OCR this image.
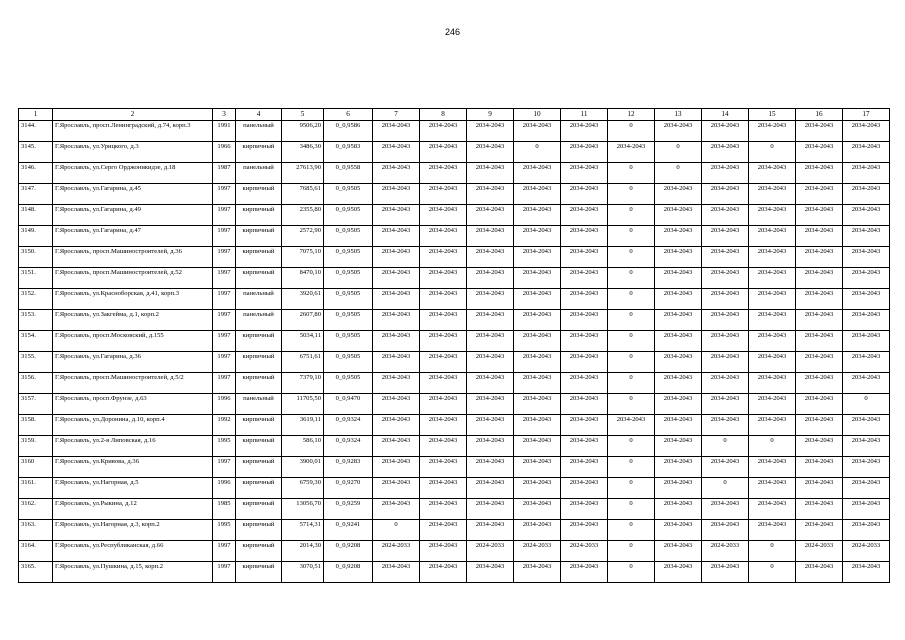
246
1	2	3	4	5	6	7	8	9	10	11	12	13	14	15	16	17
3144.	Г.Ярославль, просп.Ленинградский, д.74, корп.3	1991	панельный	9506,20	0_0,9586	2034-2043	2034-2043	2034-2043	2034-2043	2034-2043	0	2034-2043	2034-2043	2034-2043	2034-2043	2034-2043
3145.	Г.Ярославль, ул.Урицкого, д.3	1966	кирпичный	3486,30	0_0,9583	2034-2043	2034-2043	2034-2043	0	2034-2043	2034-2043	0	2034-2043	0	2034-2043	2034-2043
3146.	Г.Ярославль, ул.Серго Орджоникидзе, д.18	1987	панельный	27613,90	0_0,9558	2034-2043	2034-2043	2034-2043	2034-2043	2034-2043	0	0	2034-2043	2034-2043	2034-2043	2034-2043
3147.	Г.Ярославль, ул.Гагарина, д.45	1997	кирпичный	7685,61	0_0,9505	2034-2043	2034-2043	2034-2043	2034-2043	2034-2043	0	2034-2043	2034-2043	2034-2043	2034-2043	2034-2043
3148.	Г.Ярославль, ул.Гагарина, д.49	1997	кирпичный	2355,80	0_0,9505	2034-2043	2034-2043	2034-2043	2034-2043	2034-2043	0	2034-2043	2034-2043	2034-2043	2034-2043	2034-2043
3149.	Г.Ярославль, ул.Гагарина, д.47	1997	кирпичный	2572,90	0_0,9505	2034-2043	2034-2043	2034-2043	2034-2043	2034-2043	0	2034-2043	2034-2043	2034-2043	2034-2043	2034-2043
3150.	Г.Ярославль, просп.Машиностроителей, д.36	1997	кирпичный	7075,10	0_0,9505	2034-2043	2034-2043	2034-2043	2034-2043	2034-2043	0	2034-2043	2034-2043	2034-2043	2034-2043	2034-2043
3151.	Г.Ярославль, просп.Машиностроителей, д.52	1997	кирпичный	8470,10	0_0,9505	2034-2043	2034-2043	2034-2043	2034-2043	2034-2043	0	2034-2043	2034-2043	2034-2043	2034-2043	2034-2043
3152.	Г.Ярославль, ул.Красноборская, д.41, корп.3	1997	панельный	3920,61	0_0,9505	2034-2043	2034-2043	2034-2043	2034-2043	2034-2043	0	2034-2043	2034-2043	2034-2043	2034-2043	2034-2043
3153.	Г.Ярославль, ул.Закгейма, д.1, корп.2	1997	панельный	2607,80	0_0,9505	2034-2043	2034-2043	2034-2043	2034-2043	2034-2043	0	2034-2043	2034-2043	2034-2043	2034-2043	2034-2043
3154.	Г.Ярославль, просп.Московский, д.155	1997	кирпичный	5034,11	0_0,9505	2034-2043	2034-2043	2034-2043	2034-2043	2034-2043	0	2034-2043	2034-2043	2034-2043	2034-2043	2034-2043
3155.	Г.Ярославль, ул.Гагарина, д.36	1997	кирпичный	6751,61	0_0,9505	2034-2043	2034-2043	2034-2043	2034-2043	2034-2043	0	2034-2043	2034-2043	2034-2043	2034-2043	2034-2043
3156.	Г.Ярославль, просп.Машиностроителей, д.5/2	1997	кирпичный	7379,10	0_0,9505	2034-2043	2034-2043	2034-2043	2034-2043	2034-2043	0	2034-2043	2034-2043	2034-2043	2034-2043	2034-2043
3157.	Г.Ярославль, просп.Фрунзе, д.63	1996	панельный	11705,50	0_0,9470	2034-2043	2034-2043	2034-2043	2034-2043	2034-2043	0	2034-2043	2034-2043	2034-2043	2034-2043	0
3158.	Г.Ярославль, ул.Доронина, д.10, корп.4	1992	кирпичный	3619,11	0_0,9324	2034-2043	2034-2043	2034-2043	2034-2043	2034-2043	2034-2043	2034-2043	2034-2043	2034-2043	2034-2043	2034-2043
3159.	Г.Ярославль, ул.2-я Липовская, д.16	1995	кирпичный	586,10	0_0,9324	2034-2043	2034-2043	2034-2043	2034-2043	2034-2043	0	2034-2043	0	0	2034-2043	2034-2043
3160	Г.Ярославль, ул.Кривова, д.36	1997	кирпичный	3900,01	0_0,9283	2034-2043	2034-2043	2034-2043	2034-2043	2034-2043	0	2034-2043	2034-2043	2034-2043	2034-2043	2034-2043
3161.	Г.Ярославль, ул.Нагорная, д.5	1996	кирпичный	6759,30	0_0,9270	2034-2043	2034-2043	2034-2043	2034-2043	2034-2043	0	2034-2043	0	2034-2043	2034-2043	2034-2043
3162.	Г.Ярославль, ул.Рыкина, д.12	1985	кирпичный	13056,70	0_0,9259	2034-2043	2034-2043	2034-2043	2034-2043	2034-2043	0	2034-2043	2034-2043	2034-2043	2034-2043	2034-2043
3163.	Г.Ярославль, ул.Нагорная, д.3, корп.2	1995	кирпичный	5714,31	0_0,9241	0	2034-2043	2034-2043	2034-2043	2034-2043	0	2034-2043	2034-2043	2034-2043	2034-2043	2034-2043
3164.	Г.Ярославль, ул.Республиканская, д.66	1997	кирпичный	2014,30	0_0,9208	2024-2033	2034-2043	2024-2033	2024-2033	2024-2033	0	2034-2043	2024-2033	0	2024-2033	2024-2033
3165.	Г.Ярославль, ул.Пушкина, д.15, корп.2	1997	кирпичный	3070,51	0_0,9208	2034-2043	2034-2043	2034-2043	2034-2043	2034-2043	0	2034-2043	2034-2043	0	2034-2043	2034-2043
